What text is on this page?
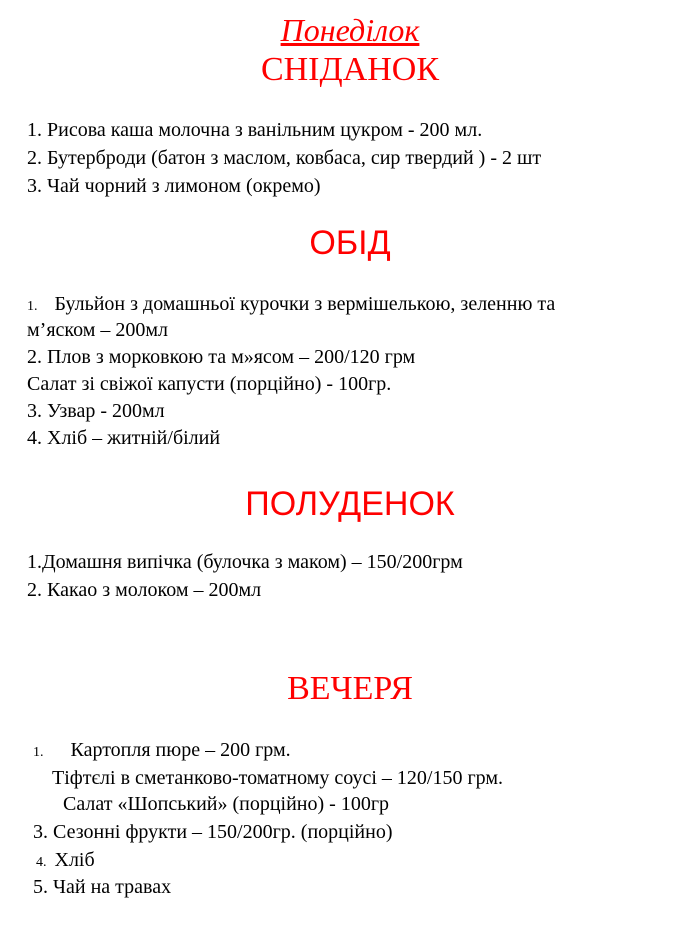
Понеділок
СНІДАНОК
1. Рисова каша молочна з ванільним цукром - 200 мл.
2. Бутерброди (батон з маслом, ковбаса, сир твердий ) - 2 шт
3. Чай чорний з лимоном (окремо)
ОБІД
1. Бульйон з домашньої курочки з вермішелькою, зеленню та
м’яском – 200мл
2. Плов з морковкою та м»ясом – 200/120 грм
Салат зі свіжої капусти (порційно) - 100гр.
3. Узвар - 200мл
4. Хліб – житній/білий
ПОЛУДЕНОК
1.Домашня випічка (булочка з маком) – 150/200грм
2. Какао з молоком – 200мл
ВЕЧЕРЯ
1. Картопля пюре – 200 грм.
Тіфтєлі в сметанково-томатному соусі – 120/150 грм.
Салат «Шопський» (порційно) - 100гр
3. Сезонні фрукти – 150/200гр. (порційно)
4. Хліб
5. Чай на травах
